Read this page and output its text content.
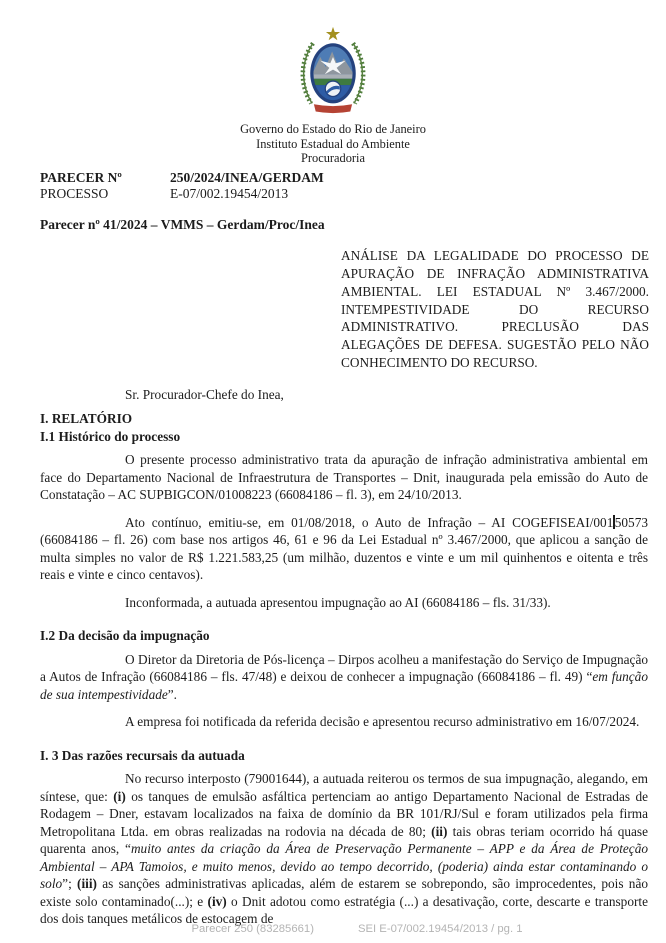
Governo do Estado do Rio de Janeiro
Instituto Estadual do Ambiente
Procuradoria
PARECER Nº	250/2024/INEA/GERDAM
PROCESSO	E-07/002.19454/2013
Parecer nº 41/2024 – VMMS – Gerdam/Proc/Inea
ANÁLISE DA LEGALIDADE DO PROCESSO DE APURAÇÃO DE INFRAÇÃO ADMINISTRATIVA AMBIENTAL. LEI ESTADUAL Nº 3.467/2000. INTEMPESTIVIDADE DO RECURSO ADMINISTRATIVO. PRECLUSÃO DAS ALEGAÇÕES DE DEFESA. SUGESTÃO PELO NÃO CONHECIMENTO DO RECURSO.
Sr. Procurador-Chefe do Inea,
I. RELATÓRIO
I.1 Histórico do processo
O presente processo administrativo trata da apuração de infração administrativa ambiental em face do Departamento Nacional de Infraestrutura de Transportes – Dnit, inaugurada pela emissão do Auto de Constatação – AC SUPBIGCON/01008223 (66084186 – fl. 3), em 24/10/2013.
Ato contínuo, emitiu-se, em 01/08/2018, o Auto de Infração – AI COGEFISEAI/00150573 (66084186 – fl. 26) com base nos artigos 46, 61 e 96 da Lei Estadual nº 3.467/2000, que aplicou a sanção de multa simples no valor de R$ 1.221.583,25 (um milhão, duzentos e vinte e um mil quinhentos e oitenta e três reais e vinte e cinco centavos).
Inconformada, a autuada apresentou impugnação ao AI (66084186 – fls. 31/33).
I.2 Da decisão da impugnação
O Diretor da Diretoria de Pós-licença – Dirpos acolheu a manifestação do Serviço de Impugnação a Autos de Infração (66084186 – fls. 47/48) e deixou de conhecer a impugnação (66084186 – fl. 49) “em função de sua intempestividade”.
A empresa foi notificada da referida decisão e apresentou recurso administrativo em 16/07/2024.
I. 3 Das razões recursais da autuada
No recurso interposto (79001644), a autuada reiterou os termos de sua impugnação, alegando, em síntese, que: (i) os tanques de emulsão asfáltica pertenciam ao antigo Departamento Nacional de Estradas de Rodagem – Dner, estavam localizados na faixa de domínio da BR 101/RJ/Sul e foram utilizados pela firma Metropolitana Ltda. em obras realizadas na rodovia na década de 80; (ii) tais obras teriam ocorrido há quase quarenta anos, “muito antes da criação da Área de Preservação Permanente – APP e da Área de Proteção Ambiental – APA Tamoios, e muito menos, devido ao tempo decorrido, (poderia) ainda estar contaminando o solo”; (iii) as sanções administrativas aplicadas, além de estarem se sobrepondo, são improcedentes, pois não existe solo contaminado(...); e (iv) o Dnit adotou como estratégia (...) a desativação, corte, descarte e transporte dos dois tanques metálicos de estocagem de
Parecer 250 (83285661)	SEI E-07/002.19454/2013 / pg. 1
